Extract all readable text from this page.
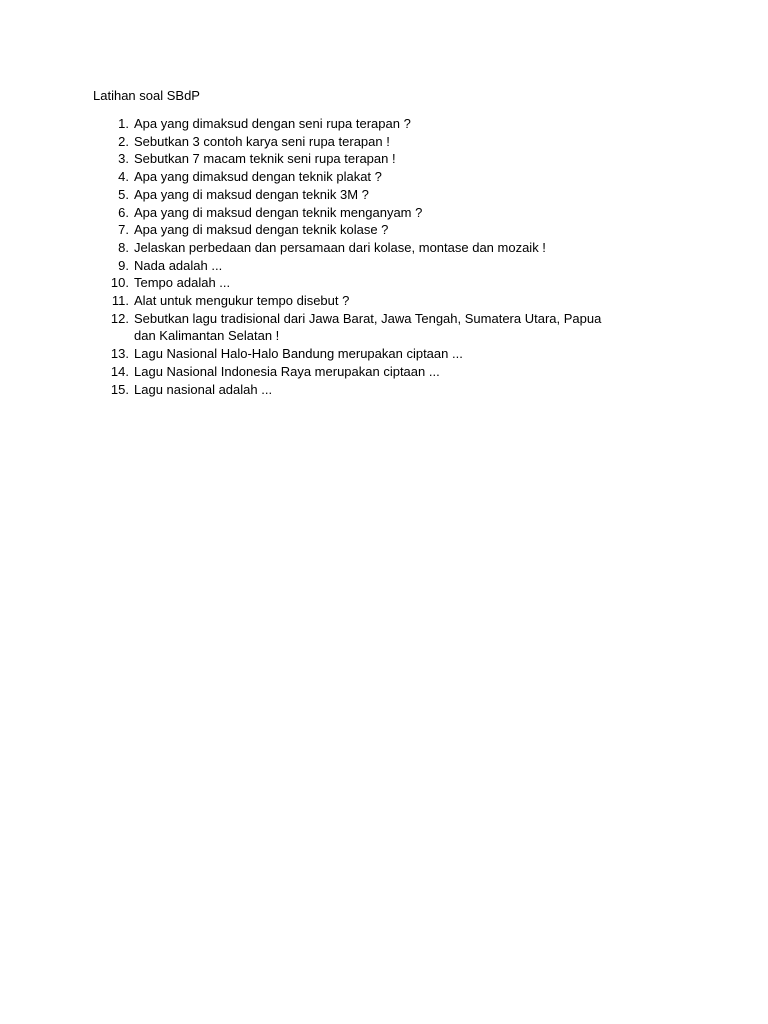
Latihan soal SBdP
1. Apa yang dimaksud dengan seni rupa terapan ?
2. Sebutkan 3 contoh karya seni rupa terapan !
3. Sebutkan 7 macam teknik seni rupa terapan !
4. Apa yang dimaksud dengan teknik plakat ?
5. Apa yang di maksud dengan teknik 3M ?
6. Apa yang di maksud dengan teknik menganyam ?
7. Apa yang di maksud dengan teknik kolase ?
8. Jelaskan perbedaan dan persamaan dari kolase, montase dan mozaik !
9. Nada adalah ...
10. Tempo adalah ...
11. Alat untuk mengukur tempo disebut ?
12. Sebutkan lagu tradisional dari Jawa Barat, Jawa Tengah, Sumatera Utara, Papua dan Kalimantan Selatan !
13. Lagu Nasional Halo-Halo Bandung merupakan ciptaan ...
14. Lagu Nasional Indonesia Raya merupakan ciptaan ...
15. Lagu nasional adalah ...
